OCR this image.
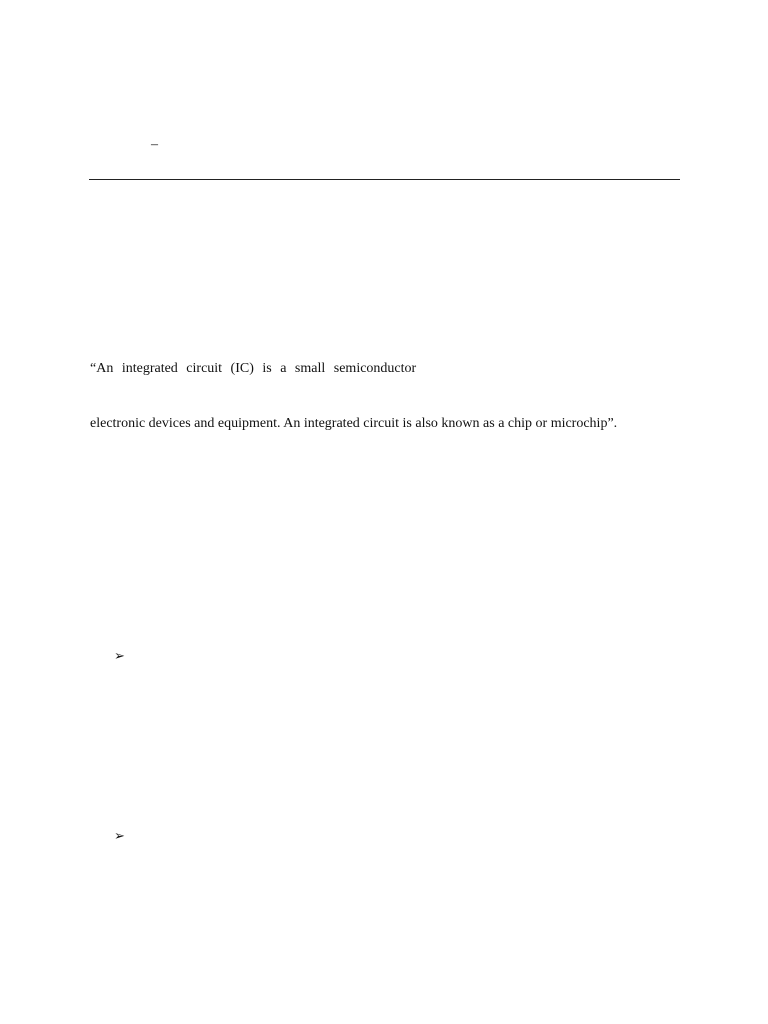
–
“An integrated circuit (IC) is a small semiconductor
electronic devices and equipment. An integrated circuit is also known as a chip or microchip”.
➢
➢
